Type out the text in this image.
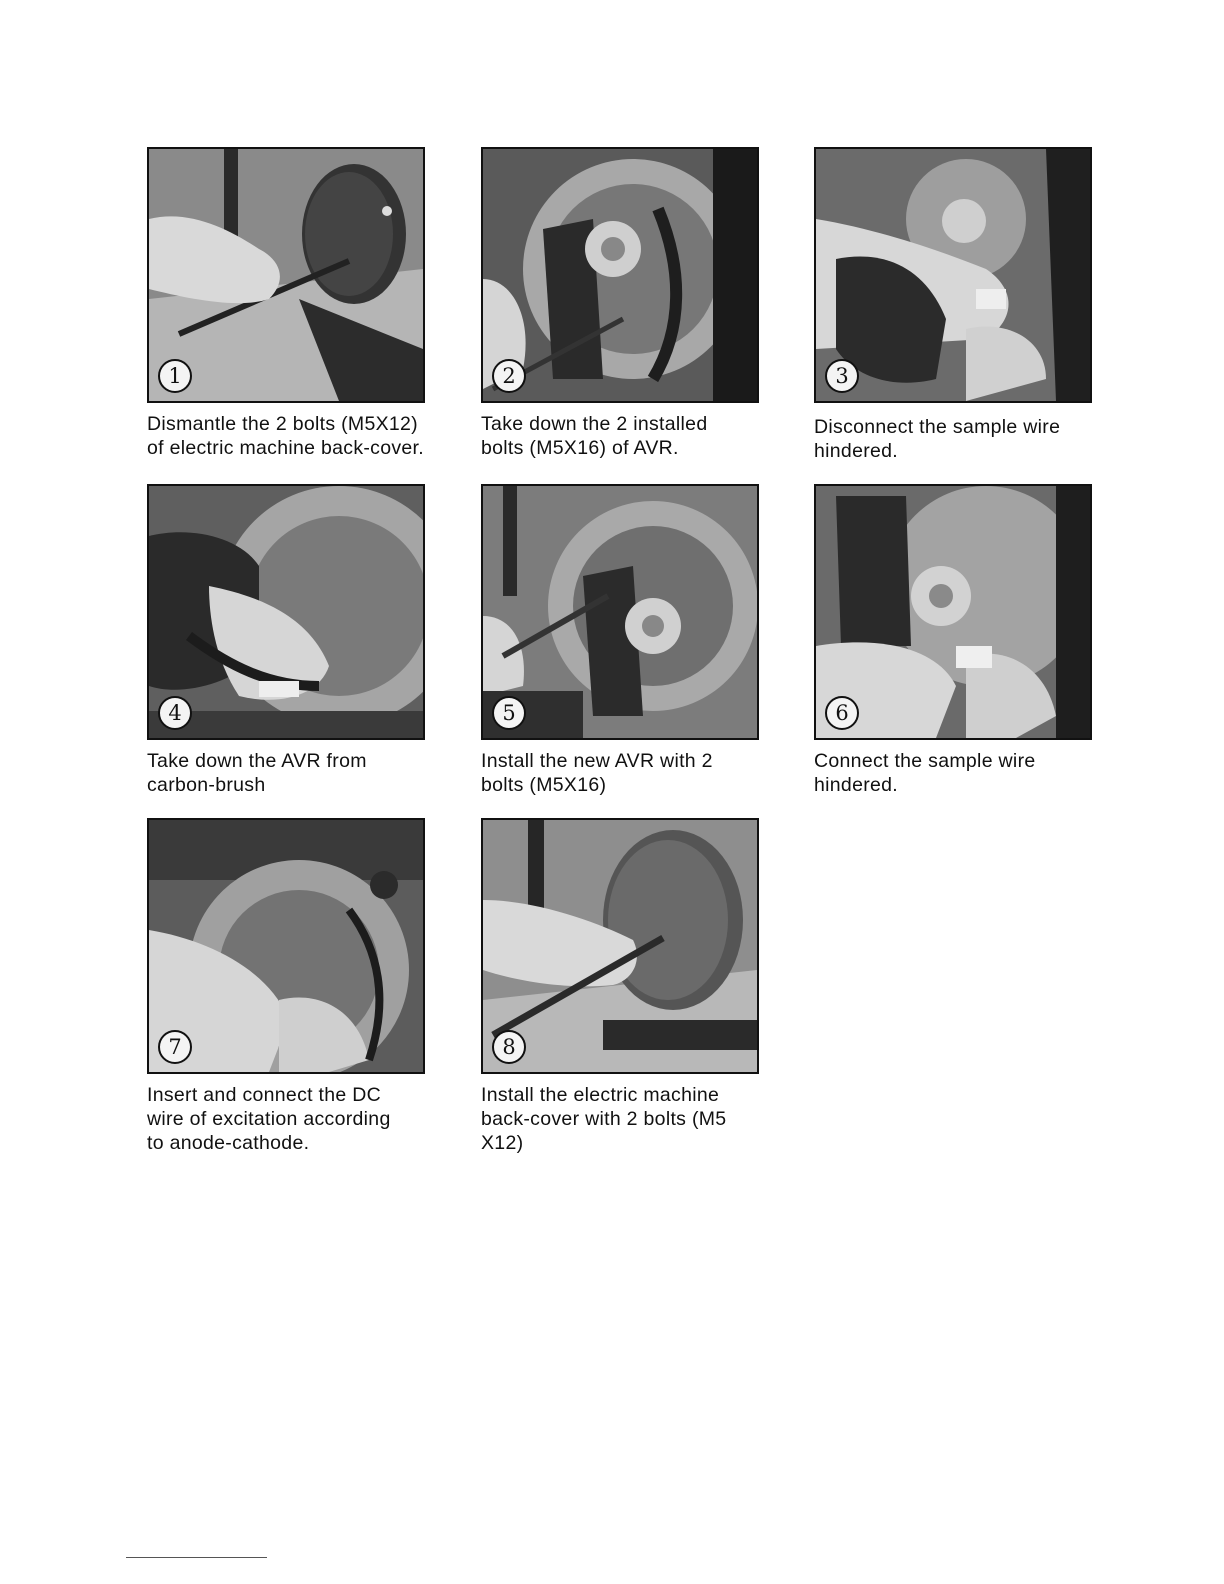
1

Dismantle the 2 bolts (M5X12)
of electric machine back-cover.

2

Take down the 2 installed
bolts (M5X16) of AVR.

3

Disconnect the sample wire
hindered.

4

Take down the AVR from
carbon-brush

5

Install the new AVR with 2
bolts (M5X16)

6

Connect the sample wire
hindered.

7

Insert and connect the DC
wire of excitation according
to anode-cathode.

8

Install the electric machine
back-cover with 2 bolts (M5
X12)
